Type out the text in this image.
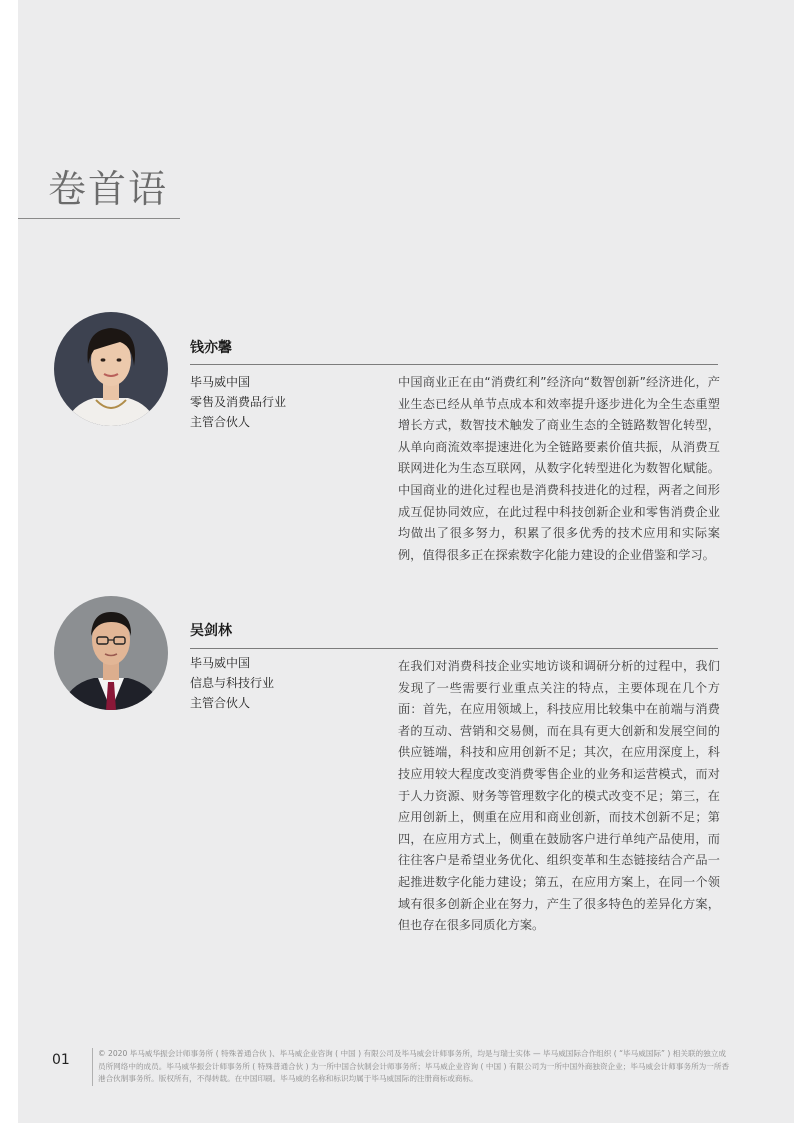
卷首语
钱亦馨
毕马威中国
零售及消费品行业
主管合伙人

中国商业正在由“消费红利”经济向“数智创新”经济进化，产业生态已经从单节点成本和效率提升逐步进化为全生态重塑增长方式，数智技术触发了商业生态的全链路数智化转型，从单向商流效率提速进化为全链路要素价值共振，从消费互联网进化为生态互联网，从数字化转型进化为数智化赋能。中国商业的进化过程也是消费科技进化的过程，两者之间形成互促协同效应，在此过程中科技创新企业和零售消费企业均做出了很多努力，积累了很多优秀的技术应用和实际案例，值得很多正在探索数字化能力建设的企业借鉴和学习。

吴剑林
毕马威中国
信息与科技行业
主管合伙人

在我们对消费科技企业实地访谈和调研分析的过程中，我们发现了一些需要行业重点关注的特点，主要体现在几个方面：首先，在应用领域上，科技应用比较集中在前端与消费者的互动、营销和交易侧，而在具有更大创新和发展空间的供应链端，科技和应用创新不足；其次，在应用深度上，科技应用较大程度改变消费零售企业的业务和运营模式，而对于人力资源、财务等管理数字化的模式改变不足；第三，在应用创新上，侧重在应用和商业创新，而技术创新不足；第四，在应用方式上，侧重在鼓励客户进行单纯产品使用，而往往客户是希望业务优化、组织变革和生态链接结合产品一起推进数字化能力建设；第五，在应用方案上，在同一个领域有很多创新企业在努力，产生了很多特色的差异化方案，但也存在很多同质化方案。

01	© 2020 毕马威华振会计师事务所 ( 特殊普通合伙 )、毕马威企业咨询 ( 中国 ) 有限公司及毕马威会计师事务所，均是与瑞士实体 — 毕马威国际合作组织 ( “毕马威国际” ) 相关联的独立成员所网络中的成员。毕马威华振会计师事务所 ( 特殊普通合伙 ) 为一所中国合伙制会计师事务所；毕马威企业咨询 ( 中国 ) 有限公司为一所中国外商独资企业；毕马威会计师事务所为一所香港合伙制事务所。版权所有，不得转载。在中国印刷。毕马威的名称和标识均属于毕马威国际的注册商标或商标。
